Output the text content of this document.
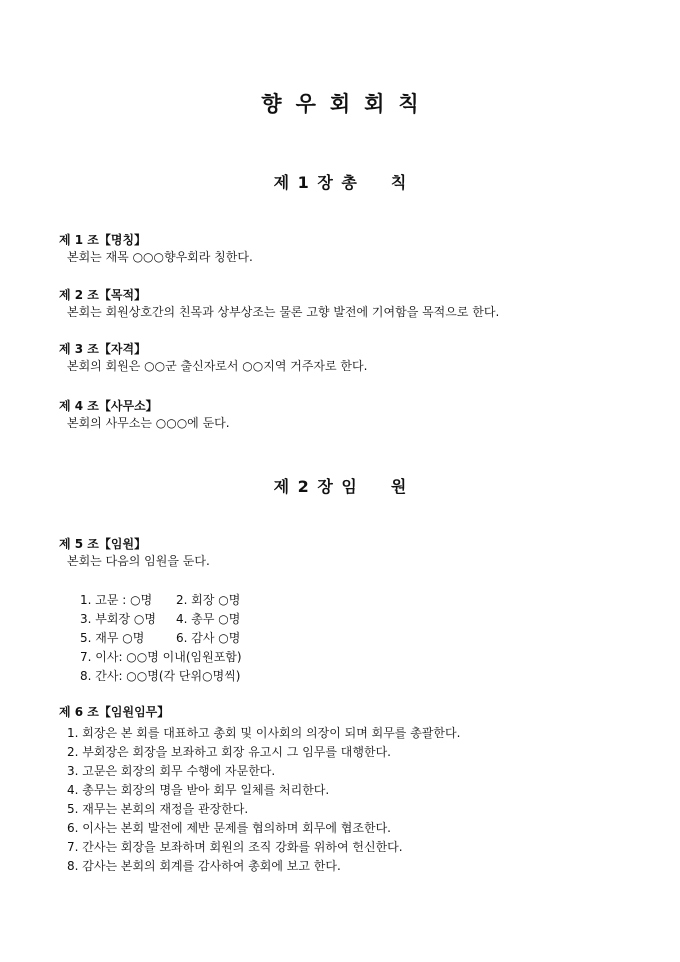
향우회회칙
제 1 장 총 칙
제 1 조【명칭】
본회는 재목 ○○○향우회라 칭한다.
제 2 조【목적】
본회는 회원상호간의 친목과 상부상조는 물론 고향 발전에 기여함을 목적으로 한다.
제 3 조【자격】
본회의 회원은 ○○군 출신자로서 ○○지역 거주자로 한다.
제 4 조【사무소】
본회의 사무소는 ○○○에 둔다.
제 2 장 임 원
제 5 조【임원】
본회는 다음의 임원을 둔다.
1. 고문 : ○명 2. 회장 ○명
3. 부회장 ○명 4. 총무 ○명
5. 재무 ○명	6. 감사 ○명
7. 이사: ○○명 이내(임원포함)
8. 간사: ○○명(각 단위○명씩)
제 6 조【임원임무】
1. 회장은 본 회를 대표하고 총회 및 이사회의 의장이 되며 회무를 총괄한다.
2. 부회장은 회장을 보좌하고 회장 유고시 그 임무를 대행한다.
3. 고문은 회장의 회무 수행에 자문한다.
4. 총무는 회장의 명을 받아 회무 일체를 처리한다.
5. 재무는 본회의 재정을 관장한다.
6. 이사는 본회 발전에 제반 문제를 협의하며 회무에 협조한다.
7. 간사는 회장을 보좌하며 회원의 조직 강화를 위하여 헌신한다.
8. 감사는 본회의 회계를 감사하여 총회에 보고 한다.
